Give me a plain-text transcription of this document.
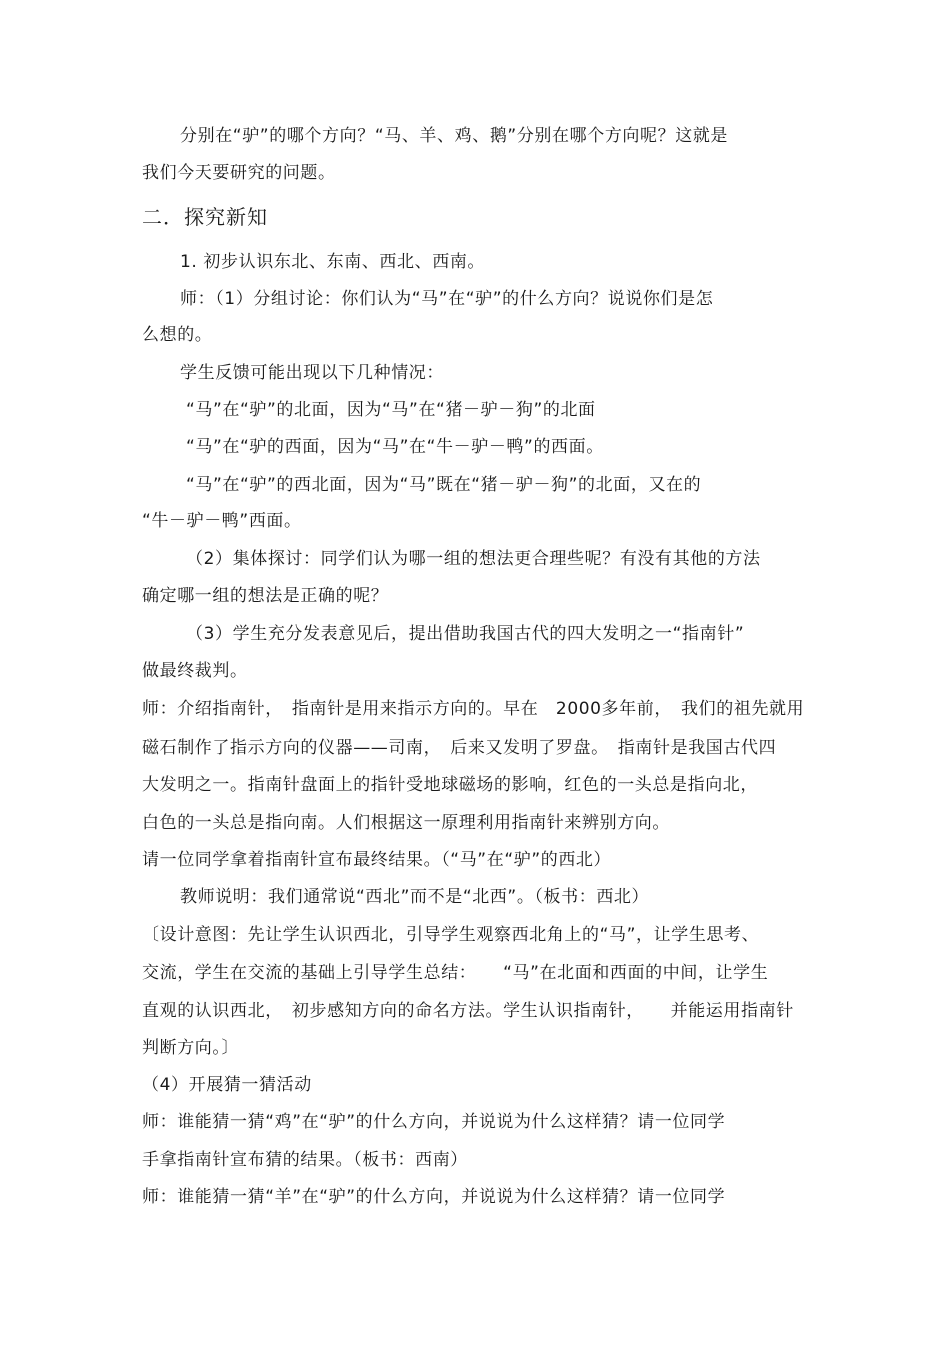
分别在“驴”的哪个方向？“马、羊、鸡、鹅”分别在哪个方向呢？这就是
我们今天要研究的问题。
二．探究新知
1. 初步认识东北、东南、西北、西南。
师：（1）分组讨论：你们认为“马”在“驴”的什么方向？说说你们是怎
么想的。
学生反馈可能出现以下几种情况：
“马”在“驴”的北面，因为“马”在“猪－驴－狗”的北面
“马”在“驴的西面，因为“马”在“牛－驴－鸭”的西面。
“马”在“驴”的西北面，因为“马”既在“猪－驴－狗”的北面，又在的
“牛－驴－鸭”西面。
（2）集体探讨：同学们认为哪一组的想法更合理些呢？有没有其他的方法
确定哪一组的想法是正确的呢？
（3）学生充分发表意见后，提出借助我国古代的四大发明之一“指南针”
做最终裁判。
师：介绍指南针，　指南针是用来指示方向的。早在　2000多年前，　我们的祖先就用
磁石制作了指示方向的仪器——司南，　后来又发明了罗盘。　指南针是我国古代四
大发明之一。指南针盘面上的指针受地球磁场的影响，红色的一头总是指向北，
白色的一头总是指向南。人们根据这一原理利用指南针来辨别方向。
请一位同学拿着指南针宣布最终结果。（“马”在“驴”的西北）
教师说明：我们通常说“西北”而不是“北西”。（板书：西北）
〔设计意图：先让学生认识西北，引导学生观察西北角上的“马”，让学生思考、
交流，学生在交流的基础上引导学生总结：　　“马”在北面和西面的中间，让学生
直观的认识西北，　初步感知方向的命名方法。学生认识指南针，　　并能运用指南针
判断方向。〕
（4）开展猜一猜活动
师：谁能猜一猜“鸡”在“驴”的什么方向，并说说为什么这样猜？请一位同学
手拿指南针宣布猜的结果。（板书：西南）
师：谁能猜一猜“羊”在“驴”的什么方向，并说说为什么这样猜？请一位同学
